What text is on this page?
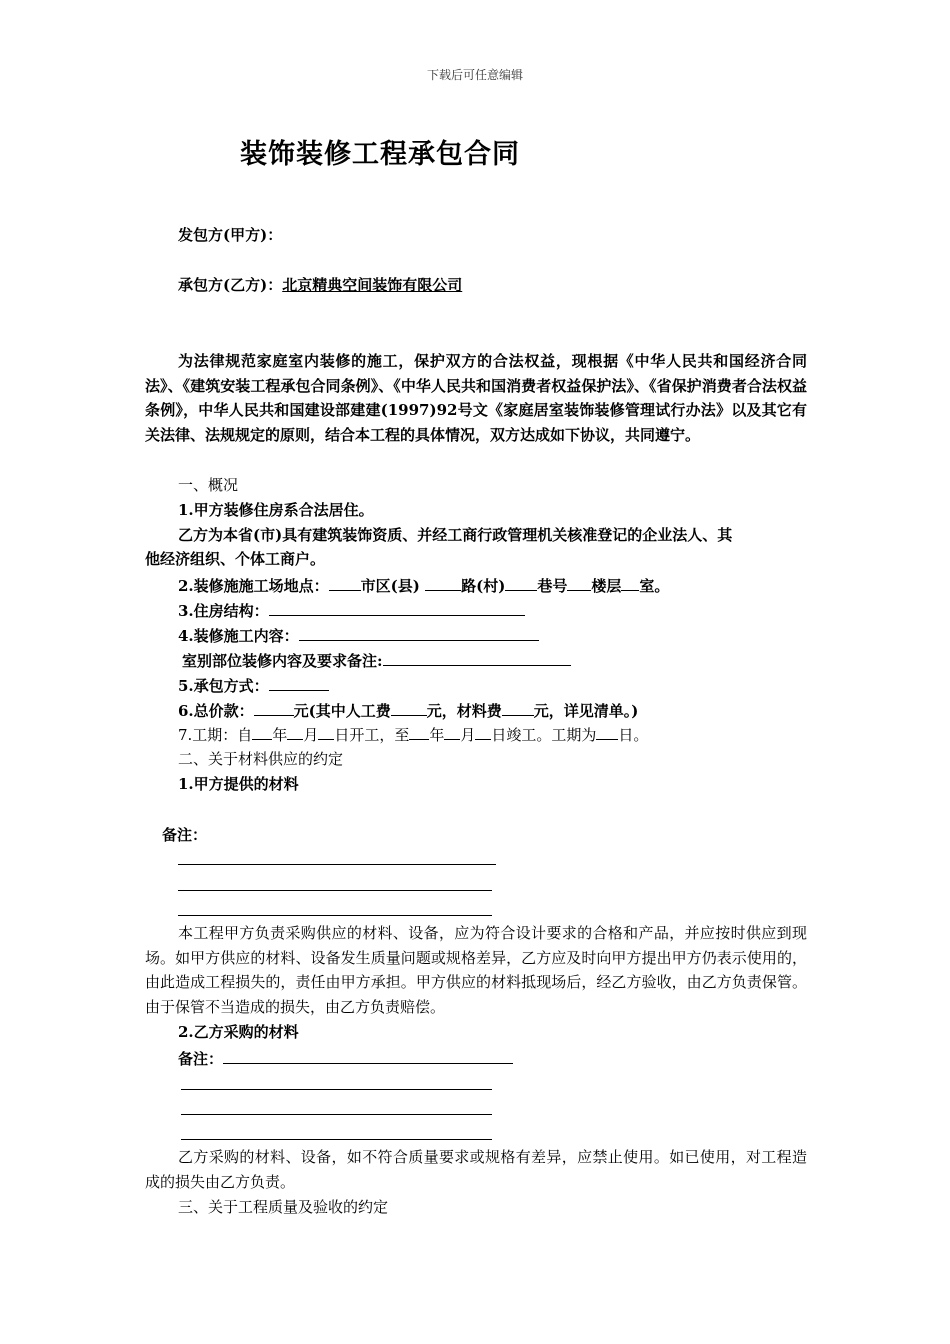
下载后可任意编辑
装饰装修工程承包合同
发包方(甲方)：
承包方(乙方)：北京精典空间装饰有限公司
为法律规范家庭室内装修的施工，保护双方的合法权益，现根据《中华人民共和国经济合同法》、《建筑安装工程承包合同条例》、《中华人民共和国消费者权益保护法》、《省保护消费者合法权益条例》，中华人民共和国建设部建建(1997)92号文《家庭居室装饰装修管理试行办法》以及其它有关法律、法规规定的原则，结合本工程的具体情况，双方达成如下协议，共同遵宁。
一、概况
1.甲方装修住房系合法居住。
乙方为本省(市)具有建筑装饰资质、并经工商行政管理机关核准登记的企业法人、其
他经济组织、个体工商户。
2.装修施施工场地点： 市区(县)	路(村) 巷号 楼层 室。
3.住房结构：
4.装修施工内容：
室别部位装修内容及要求备注:
5.承包方式：
6.总价款：	元(其中人工费 元，材料费 元，详见清单。)
7.工期：自 年 月 日开工，至 年 月 日竣工。工期为 日。
二、关于材料供应的约定
1.甲方提供的材料
备注：
本工程甲方负责采购供应的材料、设备，应为符合设计要求的合格和产品，并应按时供应到现场。如甲方供应的材料、设备发生质量问题或规格差异，乙方应及时向甲方提出甲方仍表示使用的，由此造成工程损失的，责任由甲方承担。甲方供应的材料抵现场后，经乙方验收，由乙方负责保管。由于保管不当造成的损失，由乙方负责赔偿。
2.乙方采购的材料
备注：
乙方采购的材料、设备，如不符合质量要求或规格有差异，应禁止使用。如已使用，对工程造成的损失由乙方负责。
三、关于工程质量及验收的约定
